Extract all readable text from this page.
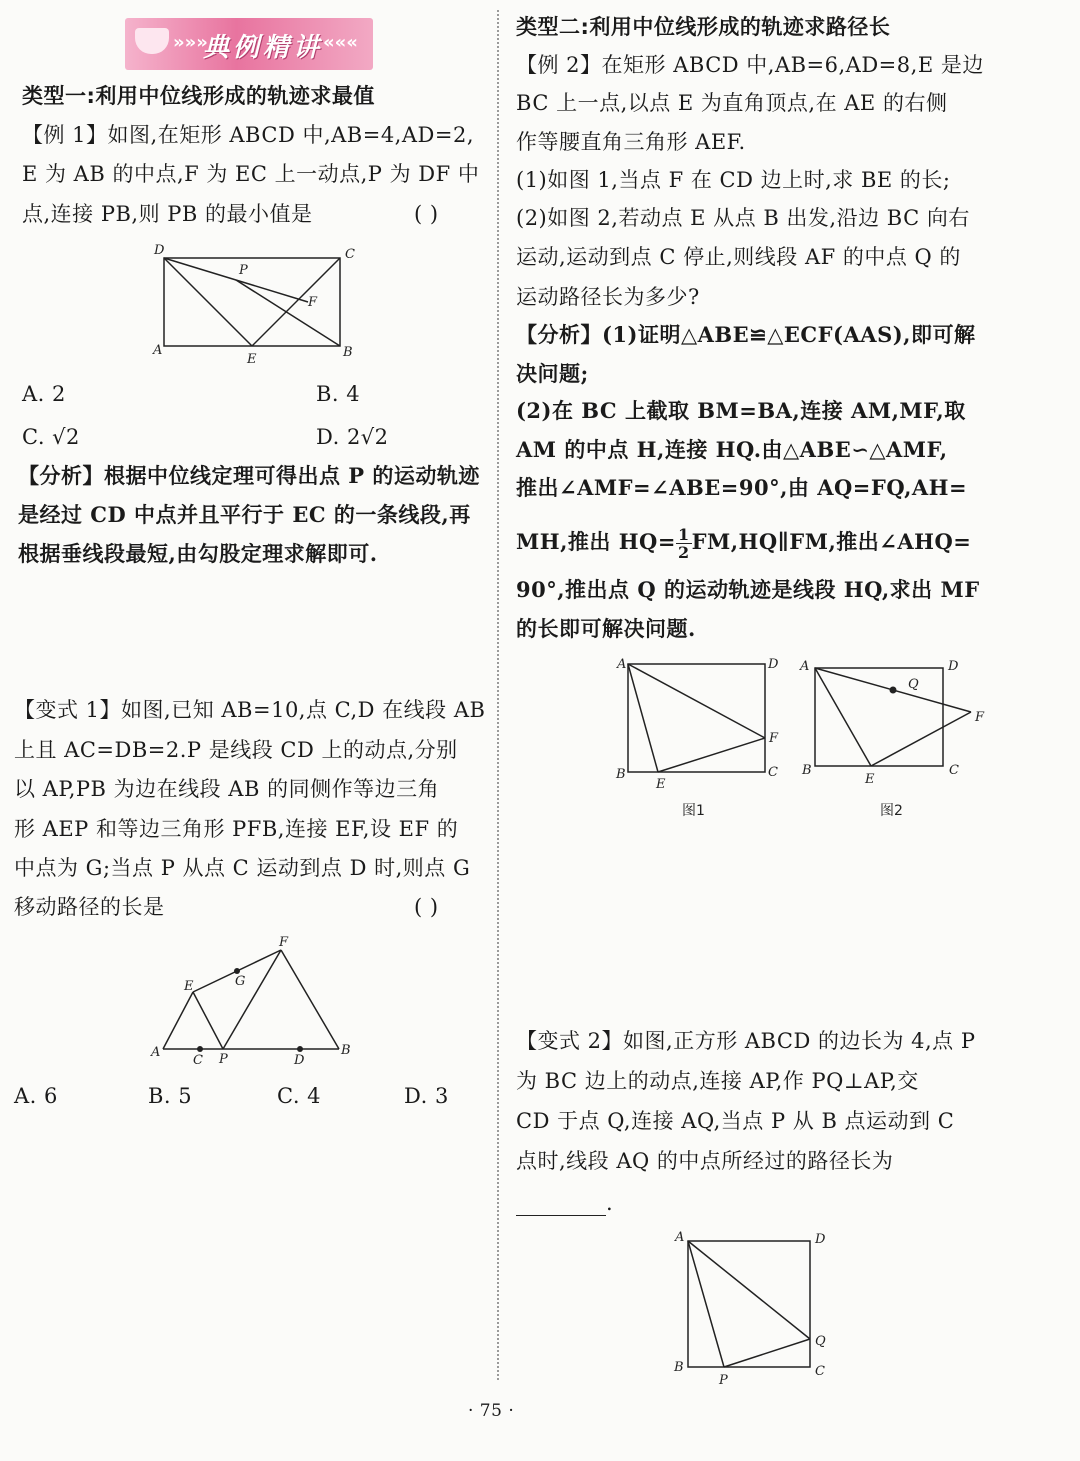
»»»
典例精讲 «««
类型一:利用中位线形成的轨迹求最值
【例 1】如图,在矩形 ABCD 中,AB=4,AD=2,
E 为 AB 的中点,F 为 EC 上一动点,P 为 DF 中
点,连接 PB,则 PB 的最小值是	( )
D	C
P
F
A
E	B
A. 2	B. 4
C. √2	D. 2√2
【分析】根据中位线定理可得出点 P 的运动轨迹
是经过 CD 中点并且平行于 EC 的一条线段,再
根据垂线段最短,由勾股定理求解即可.
【变式 1】如图,已知 AB=10,点 C,D 在线段 AB
上且 AC=DB=2.P 是线段 CD 上的动点,分别
以 AP,PB 为边在线段 AB 的同侧作等边三角
形 AEP 和等边三角形 PFB,连接 EF,设 EF 的
中点为 G;当点 P 从点 C 运动到点 D 时,则点 G
移动路径的长是	( )
F
E	G
A
C P	D
B
A. 6	B. 5	C. 4	D. 3
类型二:利用中位线形成的轨迹求路径长
【例 2】在矩形 ABCD 中,AB=6,AD=8,E 是边
BC 上一点,以点 E 为直角顶点,在 AE 的右侧
作等腰直角三角形 AEF.
(1)如图 1,当点 F 在 CD 边上时,求 BE 的长;
(2)如图 2,若动点 E 从点 B 出发,沿边 BC 向右
运动,运动到点 C 停止,则线段 AF 的中点 Q 的
运动路径长为多少?
【分析】(1)证明△ABE≌△ECF(AAS),即可解
决问题;
(2)在 BC 上截取 BM=BA,连接 AM,MF,取
AM 的中点 H,连接 HQ.由△ABE∽△AMF,
推出∠AMF=∠ABE=90°,由 AQ=FQ,AH=
MH,推出 $HQ= \frac{1}{2}$ FM,HQ∥FM,推出∠AHQ=
90°,推出点 Q 的运动轨迹是线段 HQ,求出 MF
的长即可解决问题.
A	D
F
B
E
C
图1
A	D
Q
F
B
E
C
图2
【变式 2】如图,正方形 ABCD 的边长为 4,点 P
为 BC 边上的动点,连接 AP,作 PQ⊥AP,交
CD 于点 Q,连接 AQ,当点 P 从 B 点运动到 C
点时,线段 AQ 的中点所经过的路径长为
.
A	D
Q
B
P
C
· 75 ·
